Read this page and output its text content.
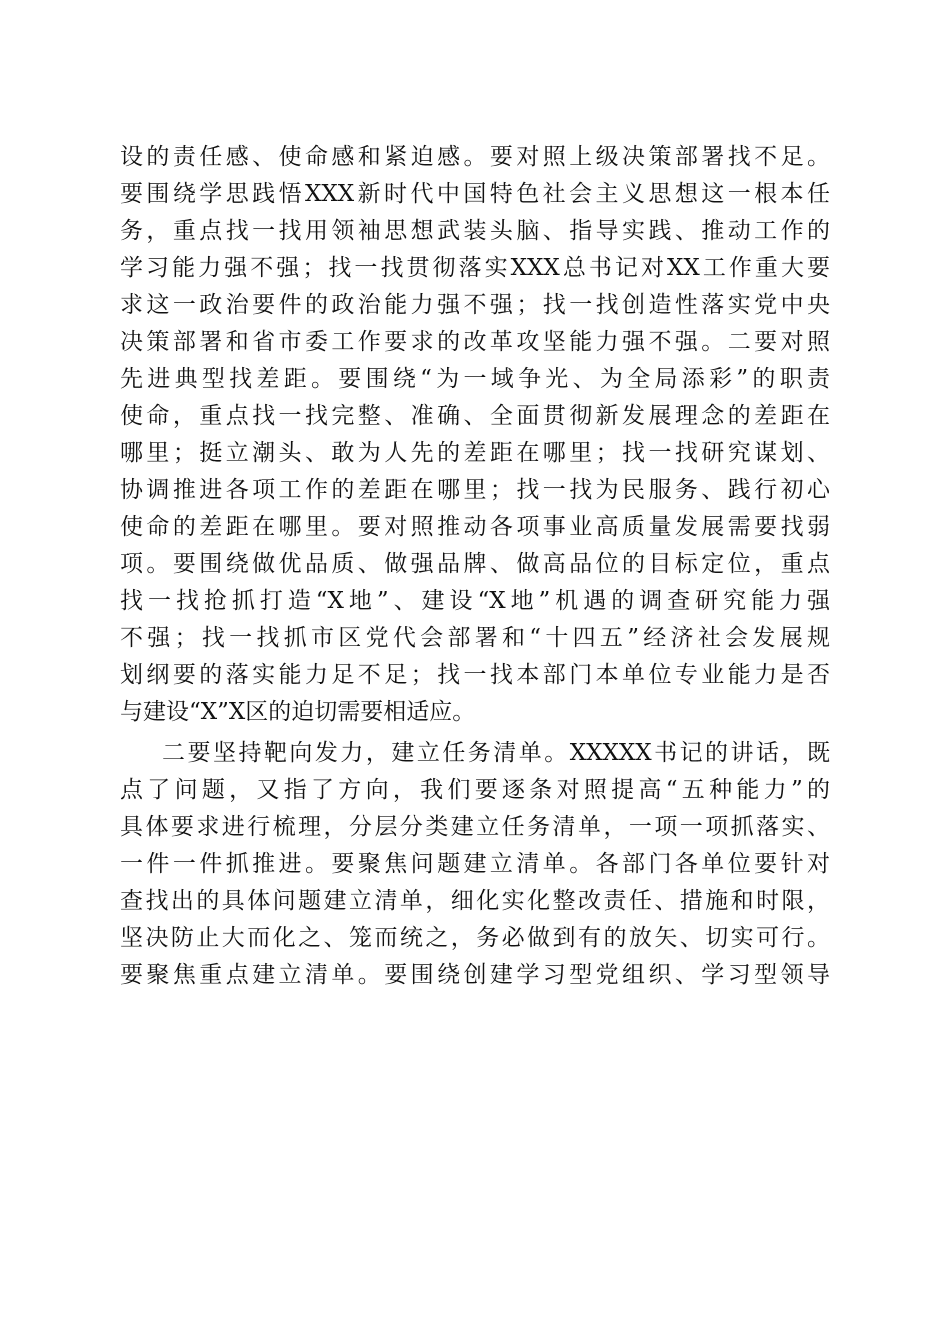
设的责任感、使命感和紧迫感。要对照上级决策部署找不足。
要围绕学思践悟XXX新时代中国特色社会主义思想这一根本任
务，重点找一找用领袖思想武装头脑、指导实践、推动工作的
学习能力强不强；找一找贯彻落实XXX总书记对XX工作重大要
求这一政治要件的政治能力强不强；找一找创造性落实党中央
决策部署和省市委工作要求的改革攻坚能力强不强。二要对照
先进典型找差距。要围绕“为一域争光、为全局添彩”的职责
使命，重点找一找完整、准确、全面贯彻新发展理念的差距在
哪里；挺立潮头、敢为人先的差距在哪里；找一找研究谋划、
协调推进各项工作的差距在哪里；找一找为民服务、践行初心
使命的差距在哪里。要对照推动各项事业高质量发展需要找弱
项。要围绕做优品质、做强品牌、做高品位的目标定位，重点
找一找抢抓打造“X地”、建设“X地”机遇的调查研究能力强
不强；找一找抓市区党代会部署和“十四五”经济社会发展规
划纲要的落实能力足不足；找一找本部门本单位专业能力是否
与建设“X”X区的迫切需要相适应。
二要坚持靶向发力，建立任务清单。XXXXX书记的讲话，既
点了问题，又指了方向，我们要逐条对照提高“五种能力”的
具体要求进行梳理，分层分类建立任务清单，一项一项抓落实、
一件一件抓推进。要聚焦问题建立清单。各部门各单位要针对
查找出的具体问题建立清单，细化实化整改责任、措施和时限，
坚决防止大而化之、笼而统之，务必做到有的放矢、切实可行。
要聚焦重点建立清单。要围绕创建学习型党组织、学习型领导
